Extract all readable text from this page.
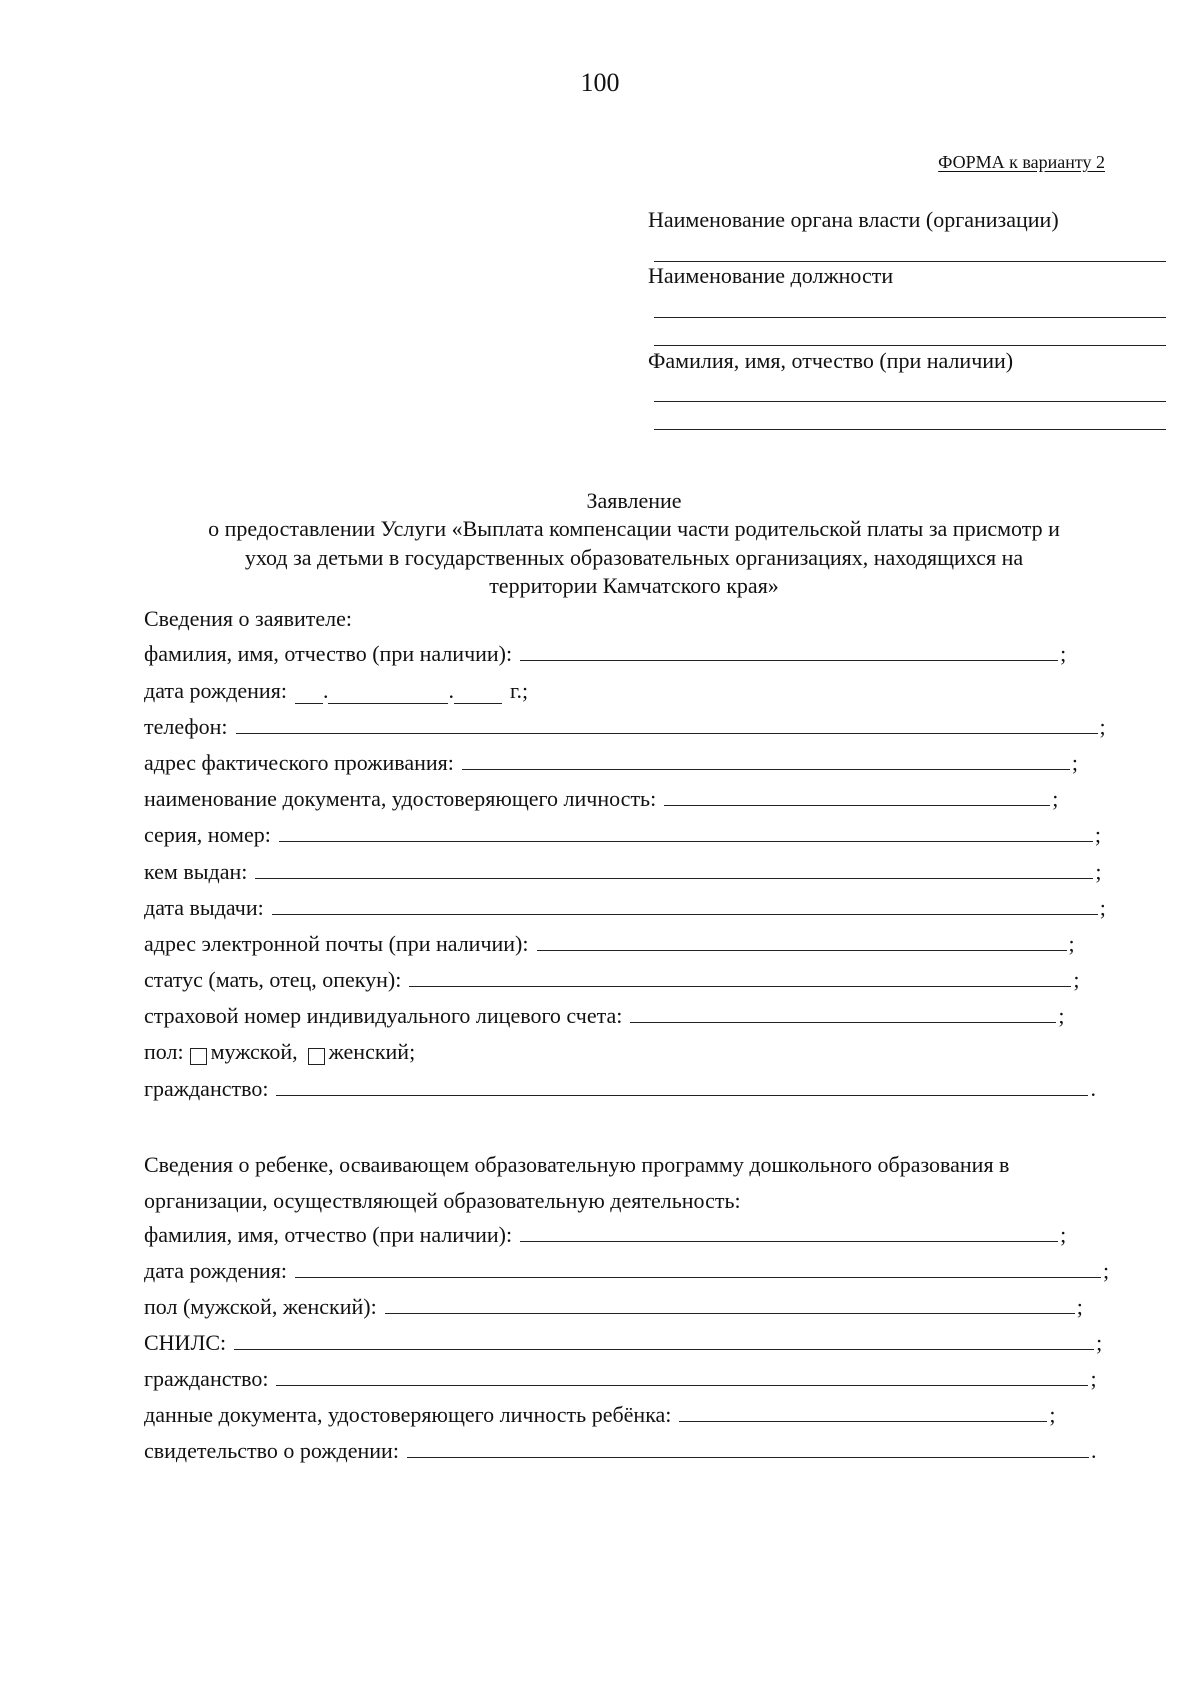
100
ФОРМА к варианту 2
Наименование органа власти (организации)
Наименование должности
Фамилия, имя, отчество (при наличии)
Заявление
о предоставлении Услуги «Выплата компенсации части родительской платы за присмотр и
уход за детьми в государственных образовательных организациях, находящихся на
территории Камчатского края»
Сведения о заявителе:
фамилия, имя, отчество (при наличии):	;
дата рождения: .	.	г.;
телефон:	;
адрес фактического проживания:	;
наименование документа, удостоверяющего личность:	;
серия, номер:	;
кем выдан:	;
дата выдачи:	;
адрес электронной почты (при наличии):	;
статус (мать, отец, опекун):	;
страховой номер индивидуального лицевого счета:	;
пол: мужской, женский;
гражданство:	.
Сведения о ребенке, осваивающем образовательную программу дошкольного образования в
организации, осуществляющей образовательную деятельность:
фамилия, имя, отчество (при наличии):	;
дата рождения:	;
пол (мужской, женский):	;
СНИЛС:	;
гражданство:	;
данные документа, удостоверяющего личность ребёнка:	;
свидетельство о рождении:	.
